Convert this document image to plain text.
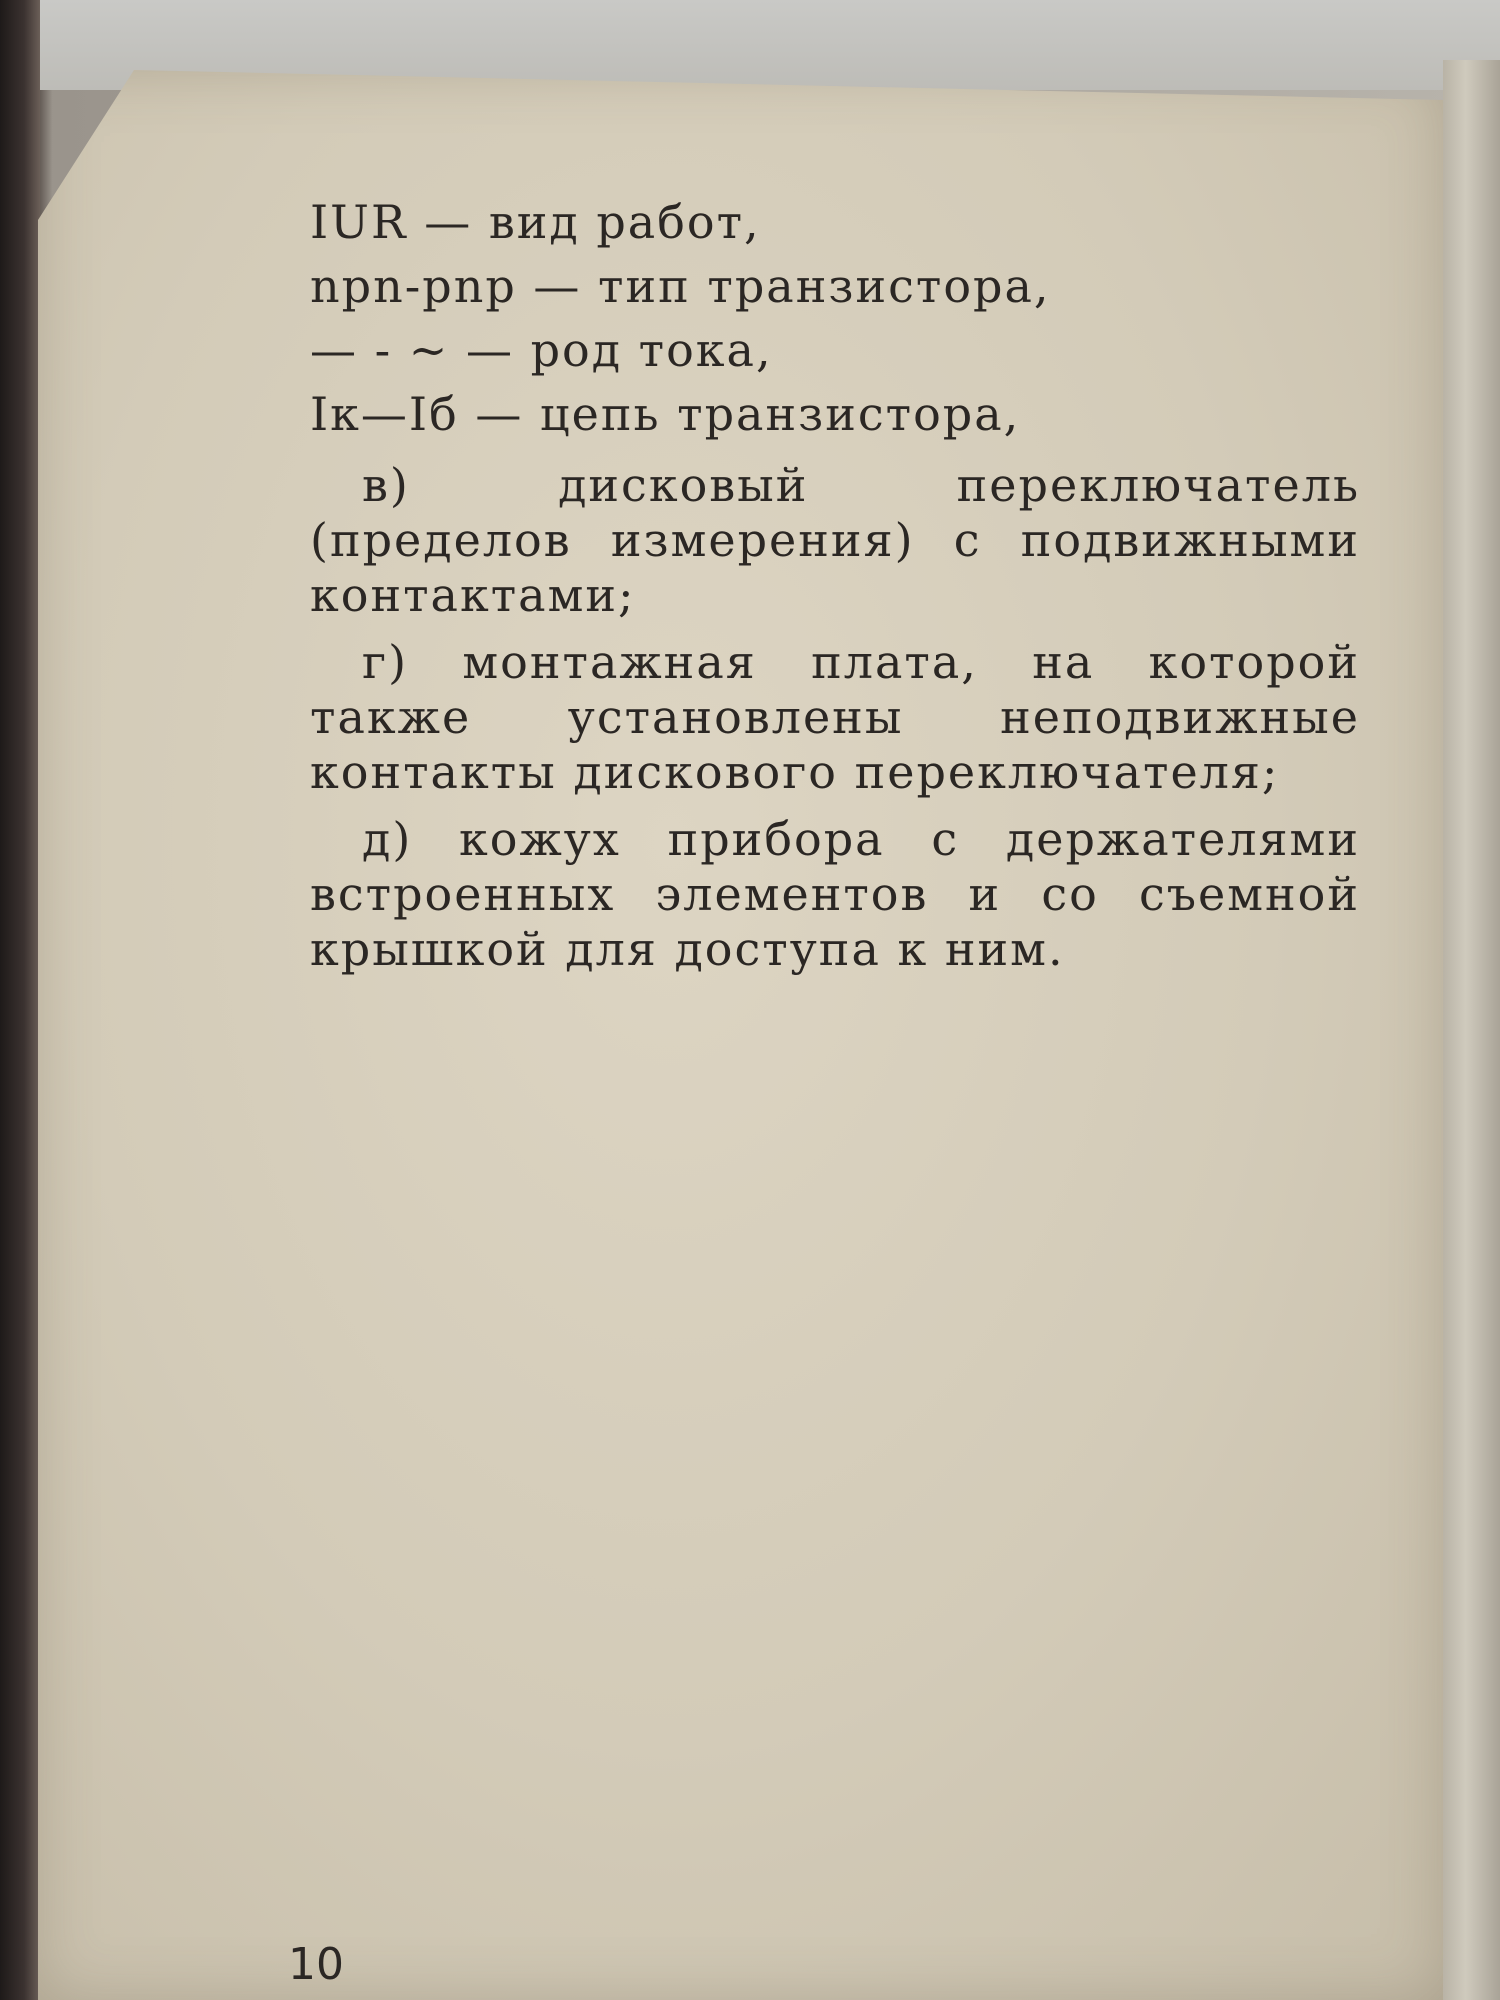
IUR — вид работ,
npn-pnp — тип транзистора,
— - ~ — род тока,
Iк—Iб — цепь транзистора,
в) дисковый переключатель (пределов измерения) с подвижными контактами;
г) монтажная плата, на которой также установлены неподвижные контакты дискового переключателя;
д) кожух прибора с держателями встроенных элементов и со съемной крышкой для доступа к ним.
10
